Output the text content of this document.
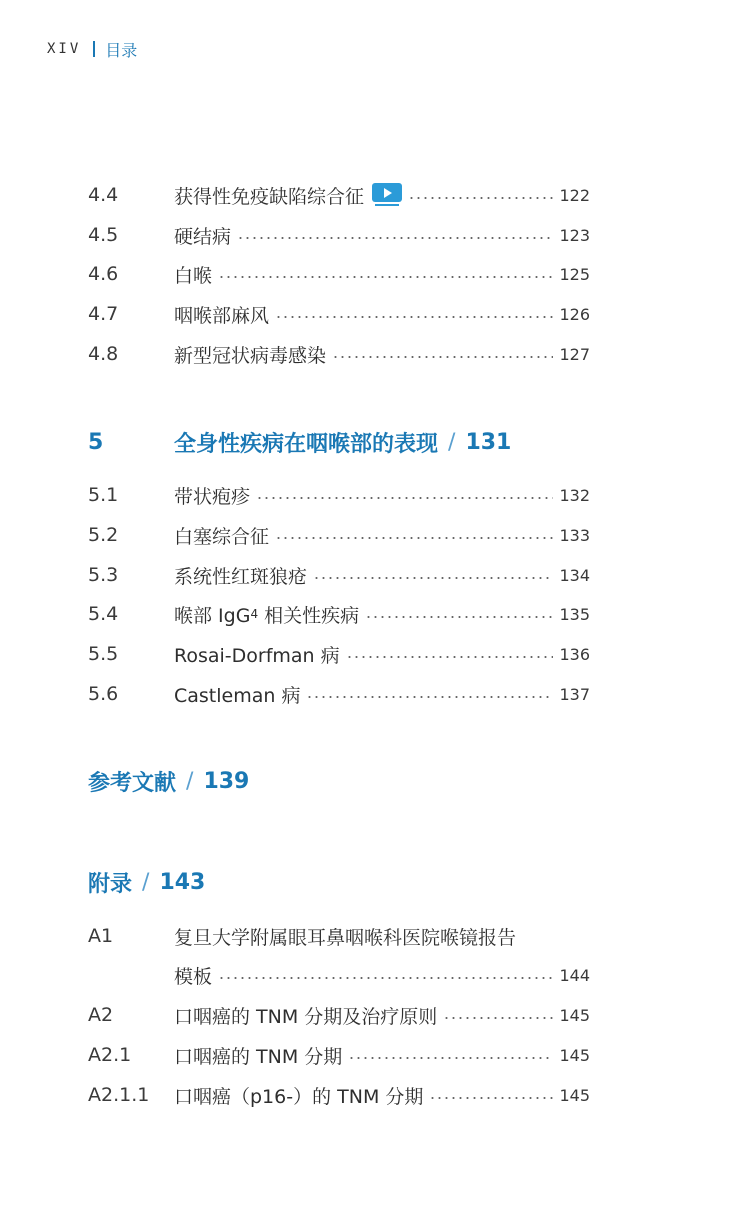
XIV 目录
4.4	获得性免疫缺陷综合征	122
4.5	硬结病	123
4.6	白喉	125
4.7	咽喉部麻风	126
4.8	新型冠状病毒感染	127
5	全身性疾病在咽喉部的表现 / 131
5.1	带状疱疹	132
5.2	白塞综合征	133
5.3	系统性红斑狼疮	134
5.4	喉部 IgG 4 相关性疾病	135
5.5	Rosai-Dorfman 病	136
5.6	Castleman 病	137
参考文献 / 139
附录 / 143
A1	复旦大学附属眼耳鼻咽喉科医院喉镜报告
模板	144
A2	口咽癌的 TNM 分期及治疗原则	145
A2.1	口咽癌的 TNM 分期	145
A2.1.1	口咽癌（p16-）的 TNM 分期	145
